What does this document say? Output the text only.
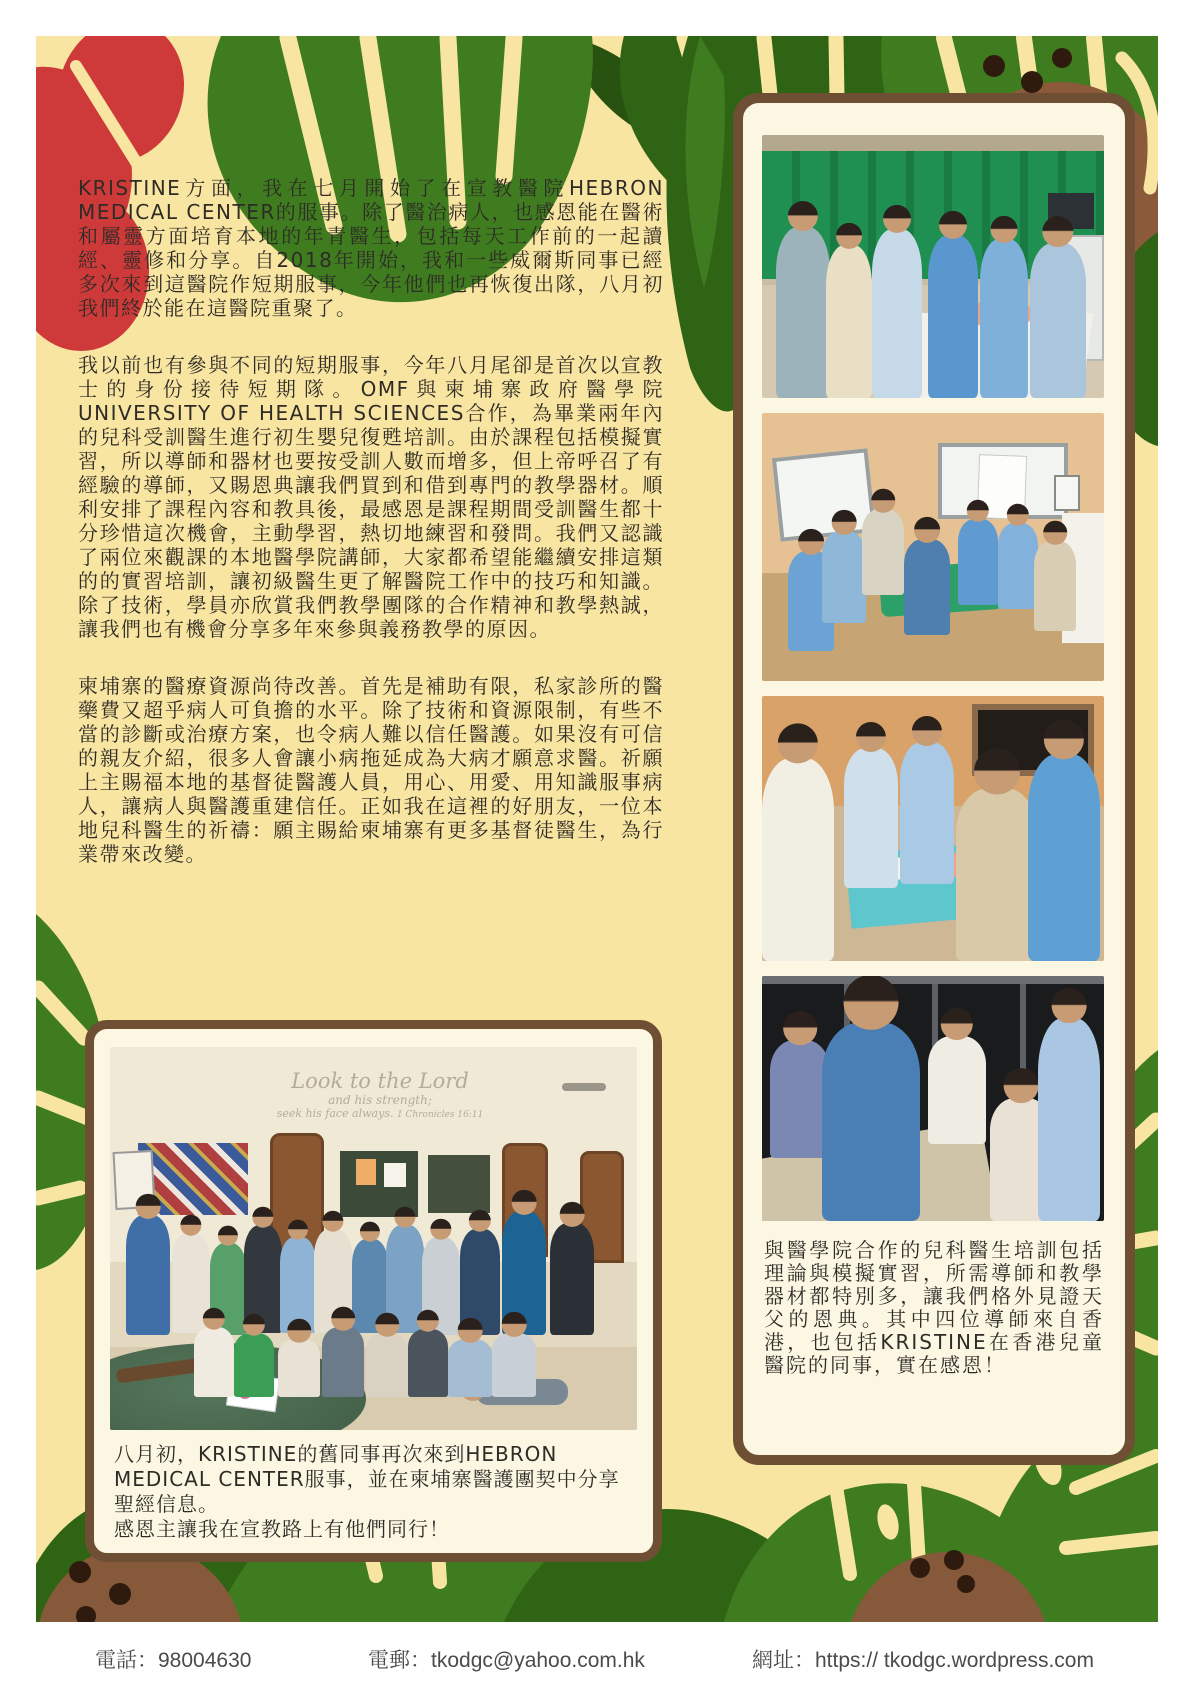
KRISTINE方面，我在七月開始了在宣教醫院HEBRON MEDICAL CENTER的服事。除了醫治病人，也感恩能在醫術和屬靈方面培育本地的年青醫生，包括每天工作前的一起讀經、靈修和分享。自2018年開始，我和一些威爾斯同事已經多次來到這醫院作短期服事，今年他們也再恢復出隊，八月初我們終於能在這醫院重聚了。

我以前也有參與不同的短期服事，今年八月尾卻是首次以宣教士的身份接待短期隊。OMF與柬埔寨政府醫學院 UNIVERSITY OF HEALTH SCIENCES合作，為畢業兩年內的兒科受訓醫生進行初生嬰兒復甦培訓。由於課程包括模擬實習，所以導師和器材也要按受訓人數而增多，但上帝呼召了有經驗的導師，又賜恩典讓我們買到和借到專門的教學器材。順利安排了課程內容和教具後，最感恩是課程期間受訓醫生都十分珍惜這次機會，主動學習，熱切地練習和發問。我們又認識了兩位來觀課的本地醫學院講師，大家都希望能繼續安排這類的的實習培訓，讓初級醫生更了解醫院工作中的技巧和知識。除了技術，學員亦欣賞我們教學團隊的合作精神和教學熱誠，讓我們也有機會分享多年來參與義務教學的原因。

柬埔寨的醫療資源尚待改善。首先是補助有限，私家診所的醫藥費又超乎病人可負擔的水平。除了技術和資源限制，有些不當的診斷或治療方案，也令病人難以信任醫護。如果沒有可信的親友介紹，很多人會讓小病拖延成為大病才願意求醫。祈願上主賜福本地的基督徒醫護人員，用心、用愛、用知識服事病人，讓病人與醫護重建信任。正如我在這裡的好朋友，一位本地兒科醫生的祈禱：願主賜給柬埔寨有更多基督徒醫生，為行業帶來改變。

與醫學院合作的兒科醫生培訓包括理論與模擬實習，所需導師和教學器材都特別多，讓我們格外見證天父的恩典。其中四位導師來自香港，也包括KRISTINE在香港兒童醫院的同事，實在感恩！

Look to the Lord
and his strength;
seek his face always. 1 Chronicles 16:11

八月初，KRISTINE的舊同事再次來到HEBRON MEDICAL CENTER服事，並在柬埔寨醫護團契中分享聖經信息。

感恩主讓我在宣教路上有他們同行！

電話：98004630	電郵：tkodgc@yahoo.com.hk	網址：https:// tkodgc.wordpress.com
